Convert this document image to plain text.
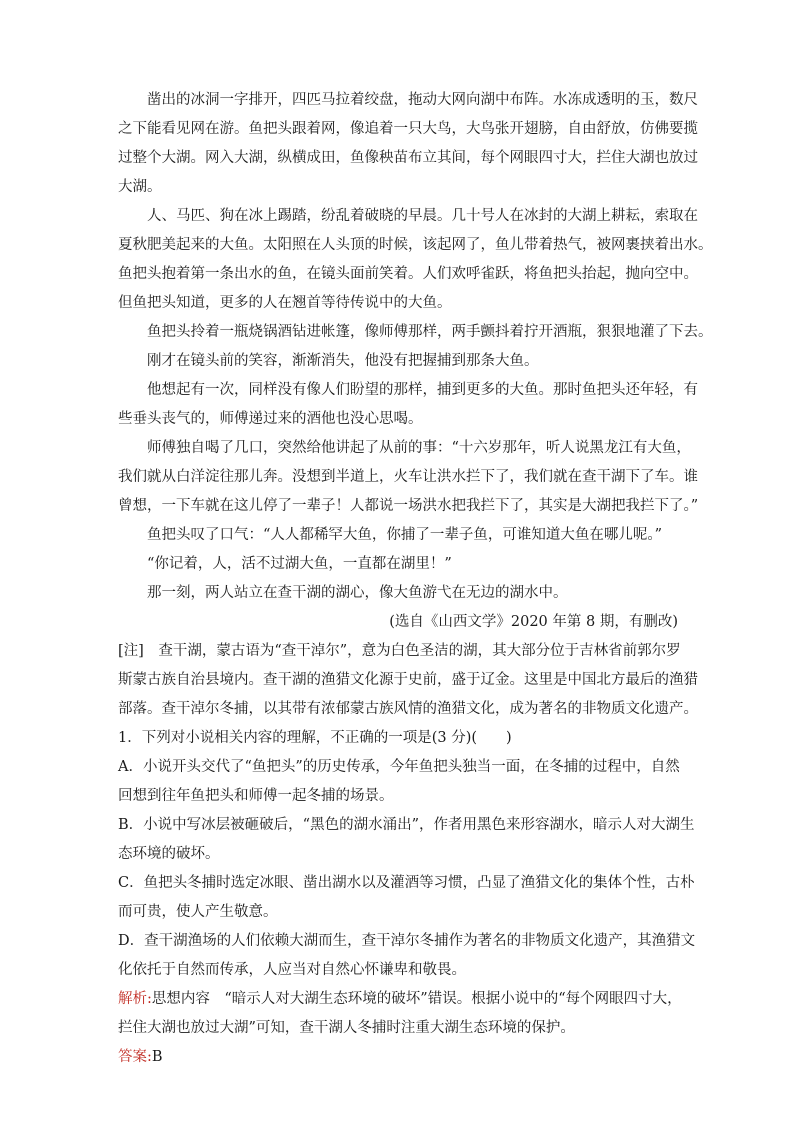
凿出的冰洞一字排开，四匹马拉着绞盘，拖动大网向湖中布阵。水冻成透明的玉，数尺
之下能看见网在游。鱼把头跟着网，像追着一只大鸟，大鸟张开翅膀，自由舒放，仿佛要揽
过整个大湖。网入大湖，纵横成田，鱼像秧苗布立其间，每个网眼四寸大，拦住大湖也放过
大湖。
人、马匹、狗在冰上踢踏，纷乱着破晓的早晨。几十号人在冰封的大湖上耕耘，索取在
夏秋肥美起来的大鱼。太阳照在人头顶的时候，该起网了，鱼儿带着热气，被网裹挟着出水。
鱼把头抱着第一条出水的鱼，在镜头面前笑着。人们欢呼雀跃，将鱼把头抬起，抛向空中。
但鱼把头知道，更多的人在翘首等待传说中的大鱼。
鱼把头拎着一瓶烧锅酒钻进帐篷，像师傅那样，两手颤抖着拧开酒瓶，狠狠地灌了下去。
刚才在镜头前的笑容，渐渐消失，他没有把握捕到那条大鱼。
他想起有一次，同样没有像人们盼望的那样，捕到更多的大鱼。那时鱼把头还年轻，有
些垂头丧气的，师傅递过来的酒他也没心思喝。
师傅独自喝了几口，突然给他讲起了从前的事：“十六岁那年，听人说黑龙江有大鱼，
我们就从白洋淀往那儿奔。没想到半道上，火车让洪水拦下了，我们就在查干湖下了车。谁
曾想，一下车就在这儿停了一辈子！人都说一场洪水把我拦下了，其实是大湖把我拦下了。”
鱼把头叹了口气：“人人都稀罕大鱼，你捕了一辈子鱼，可谁知道大鱼在哪儿呢。”
“你记着，人，活不过湖大鱼，一直都在湖里！”
那一刻，两人站立在查干湖的湖心，像大鱼游弋在无边的湖水中。
(选自《山西文学》2020 年第 8 期，有删改)
[注]　查干湖，蒙古语为“查干淖尔”，意为白色圣洁的湖，其大部分位于吉林省前郭尔罗
斯蒙古族自治县境内。查干湖的渔猎文化源于史前，盛于辽金。这里是中国北方最后的渔猎
部落。查干淖尔冬捕，以其带有浓郁蒙古族风情的渔猎文化，成为著名的非物质文化遗产。
1．下列对小说相关内容的理解，不正确的一项是(3 分)(　　)
A．小说开头交代了“鱼把头”的历史传承，今年鱼把头独当一面，在冬捕的过程中，自然
回想到往年鱼把头和师傅一起冬捕的场景。
B．小说中写冰层被砸破后，“黑色的湖水涌出”，作者用黑色来形容湖水，暗示人对大湖生
态环境的破坏。
C．鱼把头冬捕时选定冰眼、凿出湖水以及灌酒等习惯，凸显了渔猎文化的集体个性，古朴
而可贵，使人产生敬意。
D．查干湖渔场的人们依赖大湖而生，查干淖尔冬捕作为著名的非物质文化遗产，其渔猎文
化依托于自然而传承，人应当对自然心怀谦卑和敬畏。
解析:思想内容　“暗示人对大湖生态环境的破坏”错误。根据小说中的“每个网眼四寸大，
拦住大湖也放过大湖”可知，查干湖人冬捕时注重大湖生态环境的保护。
答案:B
